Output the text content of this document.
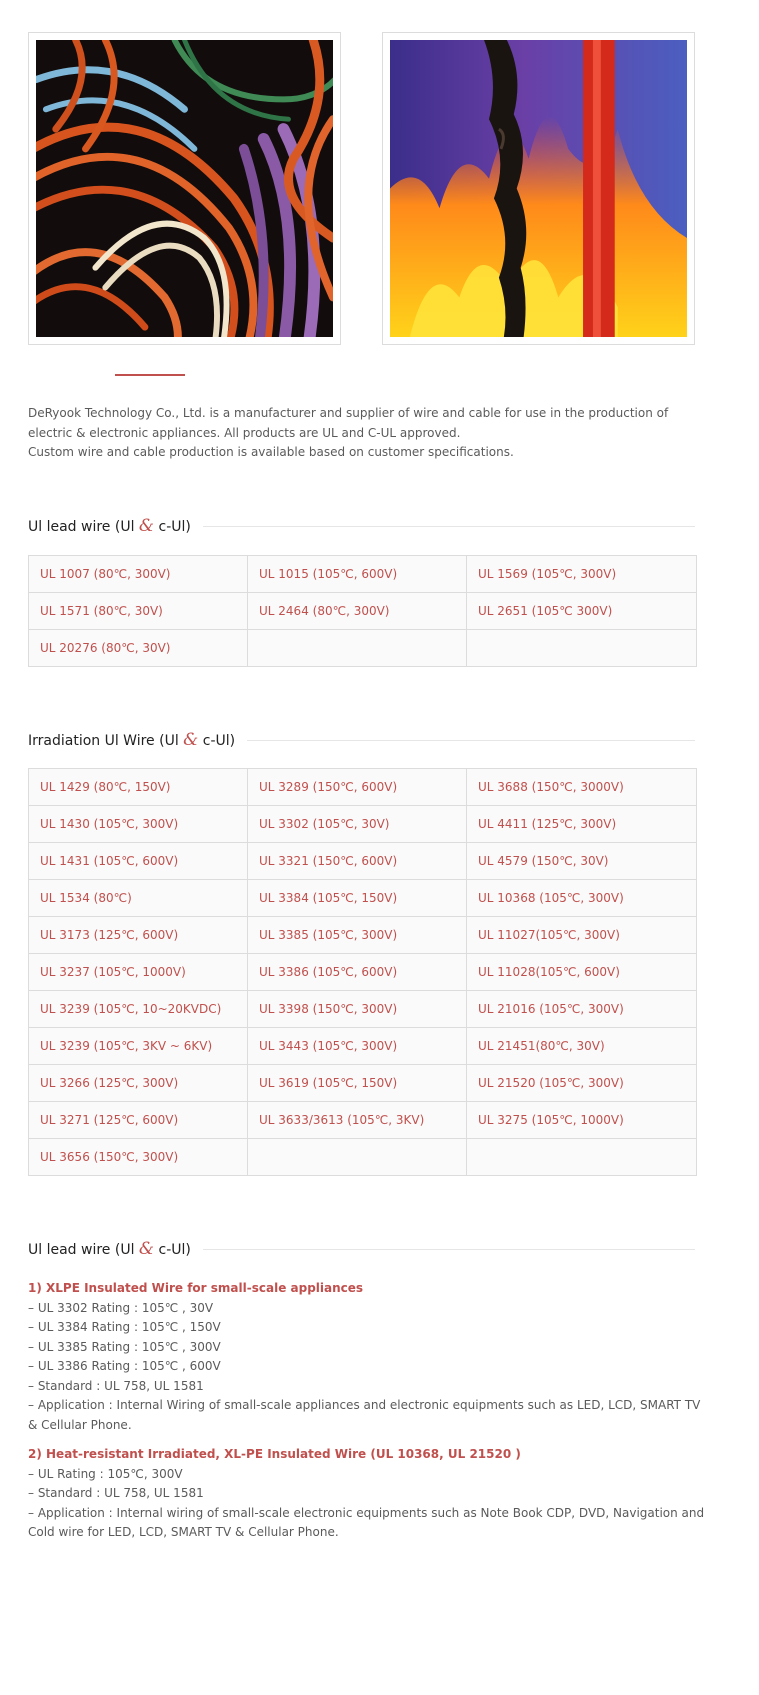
DeRyook Technology Co., Ltd. is a manufacturer and supplier of wire and cable for use in the production of electric & electronic appliances. All products are UL and C-UL approved.

Custom wire and cable production is available based on customer specifications.

Ul lead wire (Ul & c-Ul)
UL 1007 (80℃, 300V)	UL 1015 (105℃, 600V)	UL 1569 (105℃, 300V)
UL 1571 (80℃, 30V)	UL 2464 (80℃, 300V)	UL 2651 (105℃ 300V)
UL 20276 (80℃, 30V)		
Irradiation Ul Wire (Ul & c-Ul)
UL 1429 (80℃, 150V)	UL 3289 (150℃, 600V)	UL 3688 (150℃, 3000V)
UL 1430 (105℃, 300V)	UL 3302 (105℃, 30V)	UL 4411 (125℃, 300V)
UL 1431 (105℃, 600V)	UL 3321 (150℃, 600V)	UL 4579 (150℃, 30V)
UL 1534 (80℃)	UL 3384 (105℃, 150V)	UL 10368 (105℃, 300V)
UL 3173 (125℃, 600V)	UL 3385 (105℃, 300V)	UL 11027(105℃, 300V)
UL 3237 (105℃, 1000V)	UL 3386 (105℃, 600V)	UL 11028(105℃, 600V)
UL 3239 (105℃, 10~20KVDC)	UL 3398 (150℃, 300V)	UL 21016 (105℃, 300V)
UL 3239 (105℃, 3KV ~ 6KV)	UL 3443 (105℃, 300V)	UL 21451(80℃, 30V)
UL 3266 (125℃, 300V)	UL 3619 (105℃, 150V)	UL 21520 (105℃, 300V)
UL 3271 (125℃, 600V)	UL 3633/3613 (105℃, 3KV)	UL 3275 (105℃, 1000V)
UL 3656 (150℃, 300V)		
Ul lead wire (Ul & c-Ul)

1) XLPE Insulated Wire for small-scale appliances

– UL 3302 Rating : 105℃ , 30V

– UL 3384 Rating : 105℃ , 150V

– UL 3385 Rating : 105℃ , 300V

– UL 3386 Rating : 105℃ , 600V

– Standard : UL 758, UL 1581

– Application : Internal Wiring of small-scale appliances and electronic equipments such as LED, LCD, SMART TV & Cellular Phone.

2) Heat-resistant Irradiated, XL-PE Insulated Wire (UL 10368, UL 21520 )

– UL Rating : 105℃, 300V

– Standard : UL 758, UL 1581

– Application : Internal wiring of small-scale electronic equipments such as Note Book CDP, DVD, Navigation and Cold wire for LED, LCD, SMART TV & Cellular Phone.
